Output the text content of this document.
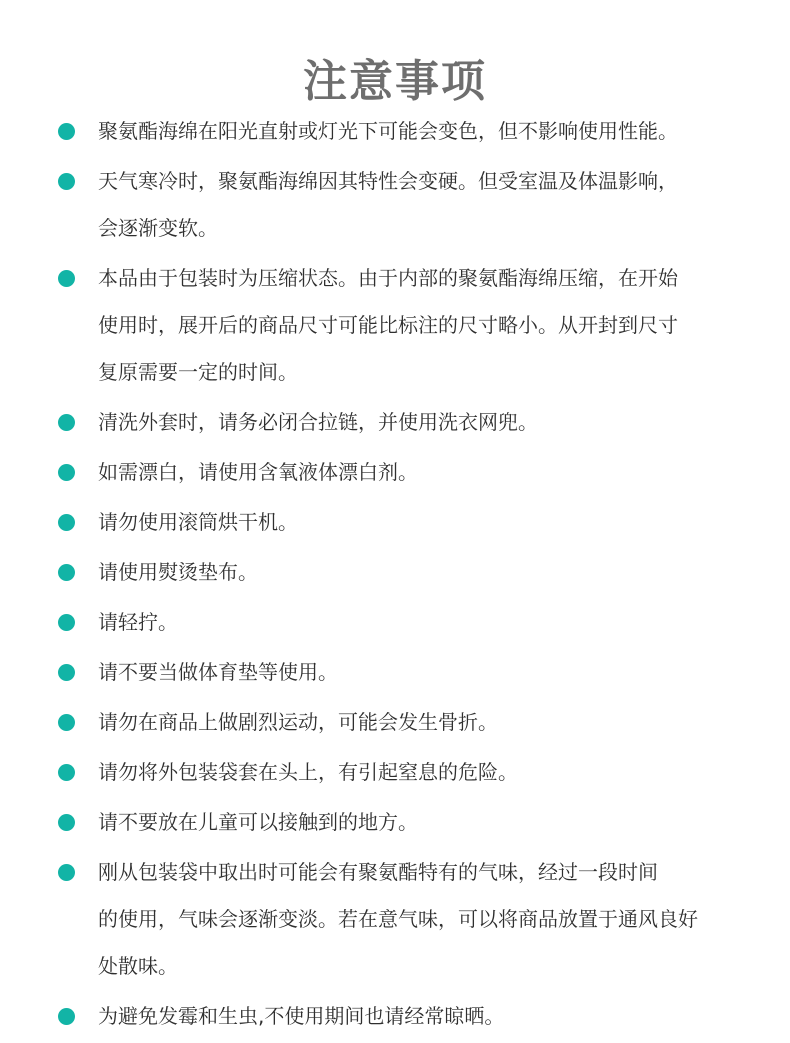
注意事项
聚氨酯海绵在阳光直射或灯光下可能会变色，但不影响使用性能。
天气寒冷时，聚氨酯海绵因其特性会变硬。但受室温及体温影响，
会逐渐变软。
本品由于包装时为压缩状态。由于内部的聚氨酯海绵压缩，在开始
使用时，展开后的商品尺寸可能比标注的尺寸略小。从开封到尺寸
复原需要一定的时间。
清洗外套时，请务必闭合拉链，并使用洗衣网兜。
如需漂白，请使用含氧液体漂白剂。
请勿使用滚筒烘干机。
请使用熨烫垫布。
请轻拧。
请不要当做体育垫等使用。
请勿在商品上做剧烈运动，可能会发生骨折。
请勿将外包装袋套在头上，有引起窒息的危险。
请不要放在儿童可以接触到的地方。
刚从包装袋中取出时可能会有聚氨酯特有的气味，经过一段时间
的使用，气味会逐渐变淡。若在意气味，可以将商品放置于通风良好
处散味。
为避免发霉和生虫,不使用期间也请经常晾晒。
